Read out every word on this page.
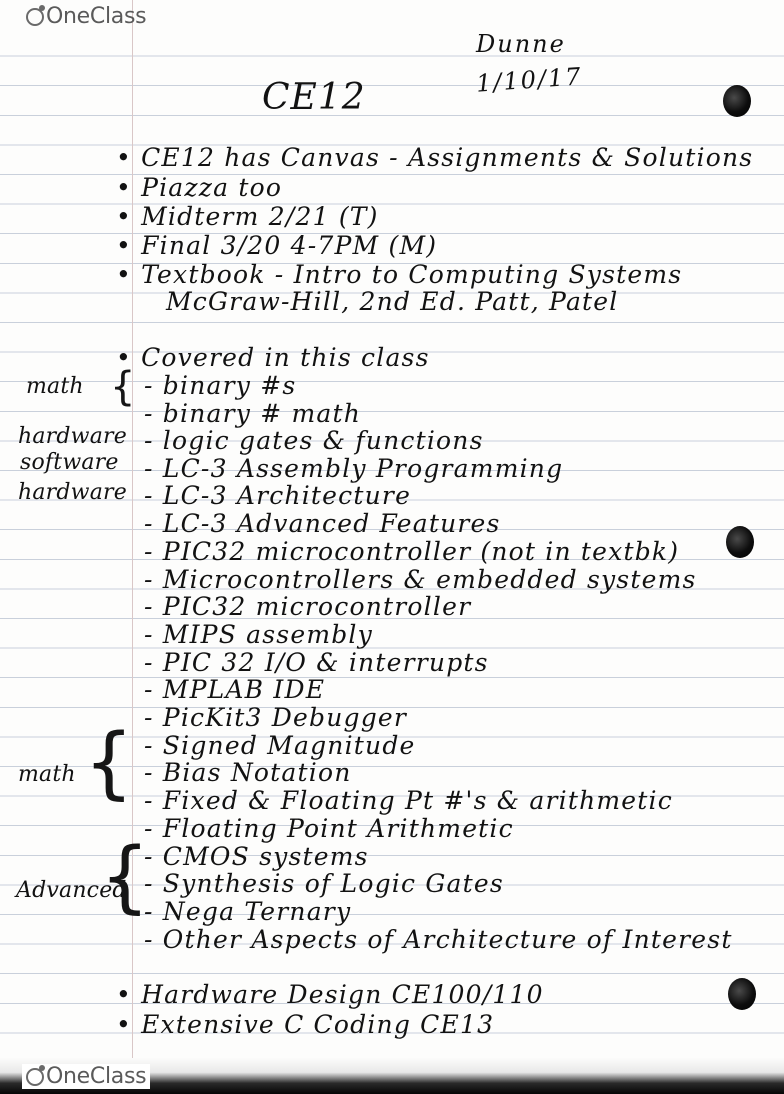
OneClass
Dunne
1/10/17
CE12
• CE12 has Canvas - Assignments & Solutions
• Piazza too
• Midterm 2/21 (T)
• Final 3/20 4-7PM (M)
• Textbook - Intro to Computing Systems
McGraw-Hill, 2nd Ed. Patt, Patel
• Covered in this class
math {
hardware
software
hardware
math {
Advanced
{
- binary #s
- binary # math
- logic gates & functions
- LC-3 Assembly Programming
- LC-3 Architecture
- LC-3 Advanced Features
- PIC32 microcontroller (not in textbk)
- Microcontrollers & embedded systems
- PIC32 microcontroller
- MIPS assembly
- PIC 32 I/O & interrupts
- MPLAB IDE
- PicKit3 Debugger
- Signed Magnitude
- Bias Notation
- Fixed & Floating Pt #'s & arithmetic
- Floating Point Arithmetic
- CMOS systems
- Synthesis of Logic Gates
- Nega Ternary
- Other Aspects of Architecture of Interest
• Hardware Design CE100/110
• Extensive C Coding CE13
OneClass
